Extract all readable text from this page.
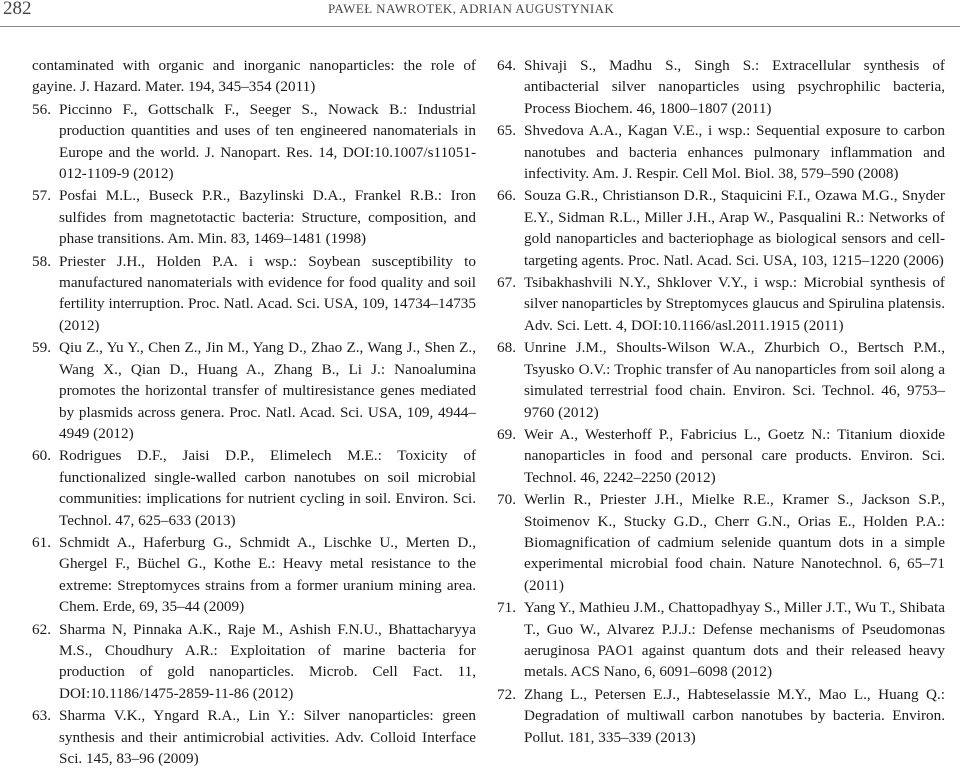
282	PAWEŁ NAWROTEK, ADRIAN AUGUSTYNIAK

contaminated with organic and inorganic nanoparticles: the role of gayine. J. Hazard. Mater. 194, 345–354 (2011)

56. Piccinno F., Gottschalk F., Seeger S., Nowack B.: Industrial production quantities and uses of ten engineered nanomaterials in Europe and the world. J. Nanopart. Res. 14, DOI:10.1007/s11051-012-1109-9 (2012)

57. Posfai M.L., Buseck P.R., Bazylinski D.A., Frankel R.B.: Iron sulfides from magnetotactic bacteria: Structure, composition, and phase transitions. Am. Min. 83, 1469–1481 (1998)

58. Priester J.H., Holden P.A. i wsp.: Soybean susceptibility to manufactured nanomaterials with evidence for food quality and soil fertility interruption. Proc. Natl. Acad. Sci. USA, 109, 14734–14735 (2012)

59. Qiu Z., Yu Y., Chen Z., Jin M., Yang D., Zhao Z., Wang J., Shen Z., Wang X., Qian D., Huang A., Zhang B., Li J.: Nanoalumina promotes the horizontal transfer of multiresistance genes mediated by plasmids across genera. Proc. Natl. Acad. Sci. USA, 109, 4944–4949 (2012)

60. Rodrigues D.F., Jaisi D.P., Elimelech M.E.: Toxicity of functionalized single-walled carbon nanotubes on soil microbial communities: implications for nutrient cycling in soil. Environ. Sci. Technol. 47, 625–633 (2013)

61. Schmidt A., Haferburg G., Schmidt A., Lischke U., Merten D., Ghergel F., Büchel G., Kothe E.: Heavy metal resistance to the extreme: Streptomyces strains from a former uranium mining area. Chem. Erde, 69, 35–44 (2009)

62. Sharma N, Pinnaka A.K., Raje M., Ashish F.N.U., Bhattacharyya M.S., Choudhury A.R.: Exploitation of marine bacteria for production of gold nanoparticles. Microb. Cell Fact. 11, DOI:10.1186/1475-2859-11-86 (2012)

63. Sharma V.K., Yngard R.A., Lin Y.: Silver nanoparticles: green synthesis and their antimicrobial activities. Adv. Colloid Interface Sci. 145, 83–96 (2009)

64. Shivaji S., Madhu S., Singh S.: Extracellular synthesis of antibacterial silver nanoparticles using psychrophilic bacteria, Process Biochem. 46, 1800–1807 (2011)

65. Shvedova A.A., Kagan V.E., i wsp.: Sequential exposure to carbon nanotubes and bacteria enhances pulmonary inflammation and infectivity. Am. J. Respir. Cell Mol. Biol. 38, 579–590 (2008)

66. Souza G.R., Christianson D.R., Staquicini F.I., Ozawa M.G., Snyder E.Y., Sidman R.L., Miller J.H., Arap W., Pasqualini R.: Networks of gold nanoparticles and bacteriophage as biological sensors and cell-targeting agents. Proc. Natl. Acad. Sci. USA, 103, 1215–1220 (2006)

67. Tsibakhashvili N.Y., Shklover V.Y., i wsp.: Microbial synthesis of silver nanoparticles by Streptomyces glaucus and Spirulina platensis. Adv. Sci. Lett. 4, DOI:10.1166/asl.2011.1915 (2011)

68. Unrine J.M., Shoults-Wilson W.A., Zhurbich O., Bertsch P.M., Tsyusko O.V.: Trophic transfer of Au nanoparticles from soil along a simulated terrestrial food chain. Environ. Sci. Technol. 46, 9753–9760 (2012)

69. Weir A., Westerhoff P., Fabricius L., Goetz N.: Titanium dioxide nanoparticles in food and personal care products. Environ. Sci. Technol. 46, 2242–2250 (2012)

70. Werlin R., Priester J.H., Mielke R.E., Kramer S., Jackson S.P., Stoimenov K., Stucky G.D., Cherr G.N., Orias E., Holden P.A.: Biomagnification of cadmium selenide quantum dots in a simple experimental microbial food chain. Nature Nanotechnol. 6, 65–71 (2011)

71. Yang Y., Mathieu J.M., Chattopadhyay S., Miller J.T., Wu T., Shibata T., Guo W., Alvarez P.J.J.: Defense mechanisms of Pseudomonas aeruginosa PAO1 against quantum dots and their released heavy metals. ACS Nano, 6, 6091–6098 (2012)

72. Zhang L., Petersen E.J., Habteselassie M.Y., Mao L., Huang Q.: Degradation of multiwall carbon nanotubes by bacteria. Environ. Pollut. 181, 335–339 (2013)
